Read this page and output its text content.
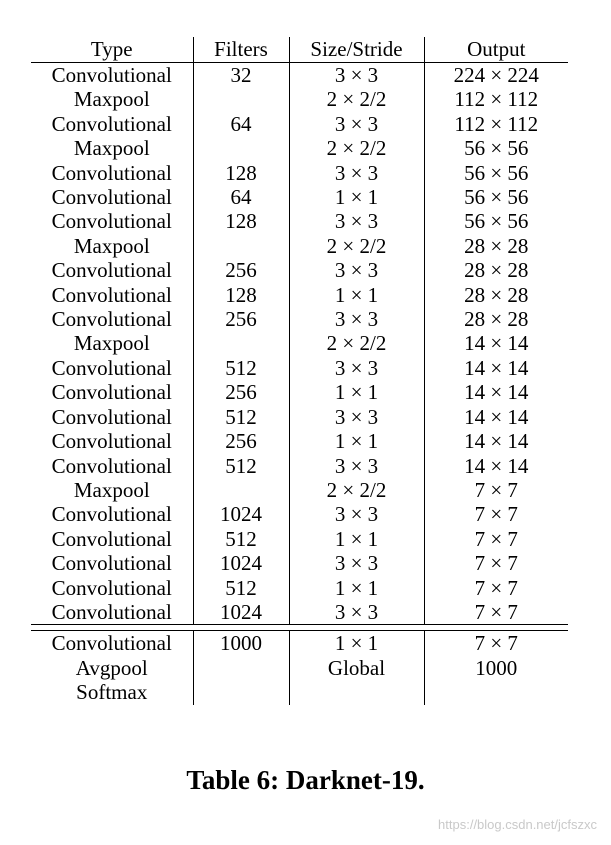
Type	Filters	Size/Stride	Output
Convolutional	32	3 × 3	224 × 224
Maxpool		2 × 2/2	112 × 112
Convolutional	64	3 × 3	112 × 112
Maxpool		2 × 2/2	56 × 56
Convolutional	128	3 × 3	56 × 56
Convolutional	64	1 × 1	56 × 56
Convolutional	128	3 × 3	56 × 56
Maxpool		2 × 2/2	28 × 28
Convolutional	256	3 × 3	28 × 28
Convolutional	128	1 × 1	28 × 28
Convolutional	256	3 × 3	28 × 28
Maxpool		2 × 2/2	14 × 14
Convolutional	512	3 × 3	14 × 14
Convolutional	256	1 × 1	14 × 14
Convolutional	512	3 × 3	14 × 14
Convolutional	256	1 × 1	14 × 14
Convolutional	512	3 × 3	14 × 14
Maxpool		2 × 2/2	7 × 7
Convolutional	1024	3 × 3	7 × 7
Convolutional	512	1 × 1	7 × 7
Convolutional	1024	3 × 3	7 × 7
Convolutional	512	1 × 1	7 × 7
Convolutional	1024	3 × 3	7 × 7

Convolutional	1000	1 × 1	7 × 7
Avgpool		Global	1000
Softmax			
Table 6: Darknet-19.
https://blog.csdn.net/jcfszxc
